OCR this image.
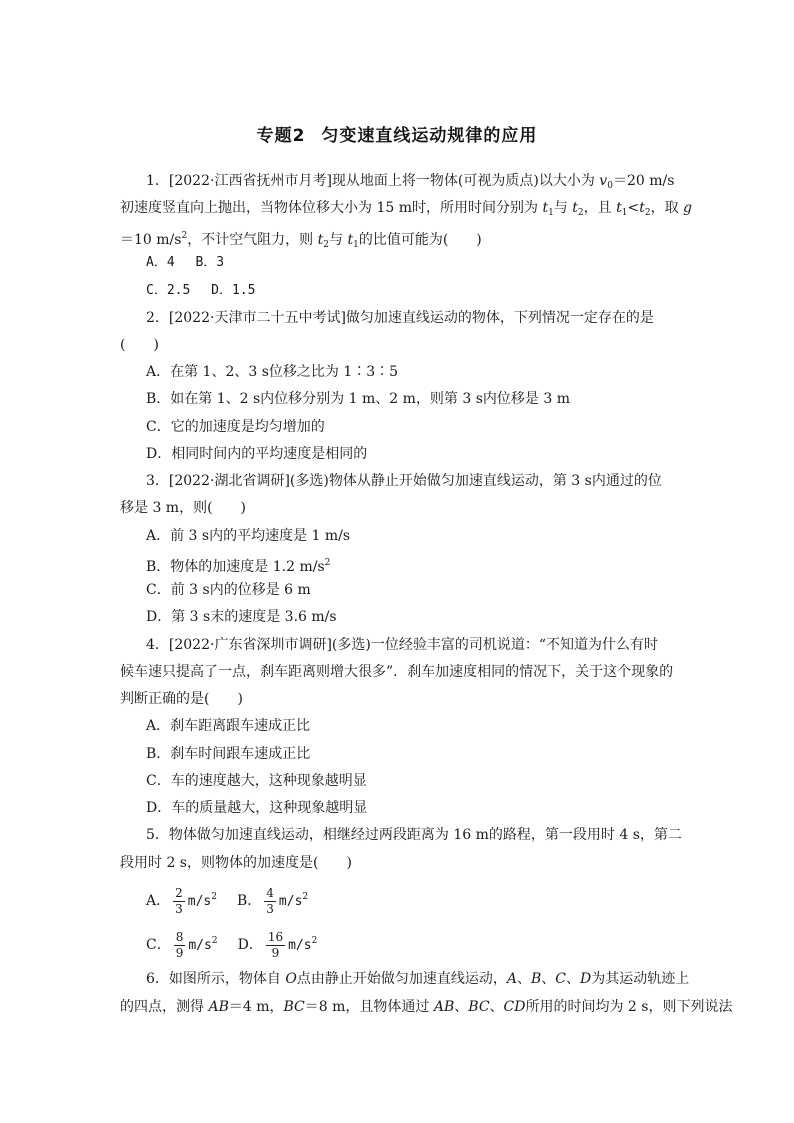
专题2 匀变速直线运动规律的应用
1．[2022·江西省抚州市月考]现从地面上将一物体(可视为质点)以大小为 $v_0=20$ m/s
初速度竖直向上抛出，当物体位移大小为 15 m时，所用时间分别为 $t_1$与 $t_2$，且 $t_1<t_2$，取 g
＝10 $m/s^2$，不计空气阻力，则 $t_2$与 $t_1$的比值可能为(　　)
A．4　 B．3
C．2.5　 D．1.5
2．[2022·天津市二十五中考试]做匀加速直线运动的物体，下列情况一定存在的是
(　　)
A．在第 1、2、3 s位移之比为 1∶3∶5
B．如在第 1、2 s内位移分别为 1 m、2 m，则第 3 s内位移是 3 m
C．它的加速度是均匀增加的
D．相同时间内的平均速度是相同的
3．[2022·湖北省调研](多选)物体从静止开始做匀加速直线运动，第 3 s内通过的位
移是 3 m，则(　　)
A．前 3 s内的平均速度是 1 m/s
B．物体的加速度是 1.2 $m/s^2$
C．前 3 s内的位移是 6 m
D．第 3 s末的速度是 3.6 m/s
4．[2022·广东省深圳市调研](多选)一位经验丰富的司机说道：“不知道为什么有时
候车速只提高了一点，刹车距离则增大很多”．刹车加速度相同的情况下，关于这个现象的
判断正确的是(　　)
A．刹车距离跟车速成正比
B．刹车时间跟车速成正比
C．车的速度越大，这种现象越明显
D．车的质量越大，这种现象越明显
5．物体做匀加速直线运动，相继经过两段距离为 16 m的路程，第一段用时 4 s，第二
段用时 2 s，则物体的加速度是(　　)
A． $\frac{2}{3} m/s^2$ B． $\frac{4}{3} m/s^2$
C． $\frac{8}{9} m/s^2$ D． $\frac{16}{9} m/s^2$
6．如图所示，物体自 O点由静止开始做匀加速直线运动，A、B、C、D为其运动轨迹上
的四点，测得 AB＝4 m，BC＝8 m，且物体通过 AB、BC、CD所用的时间均为 2 s，则下列说法
